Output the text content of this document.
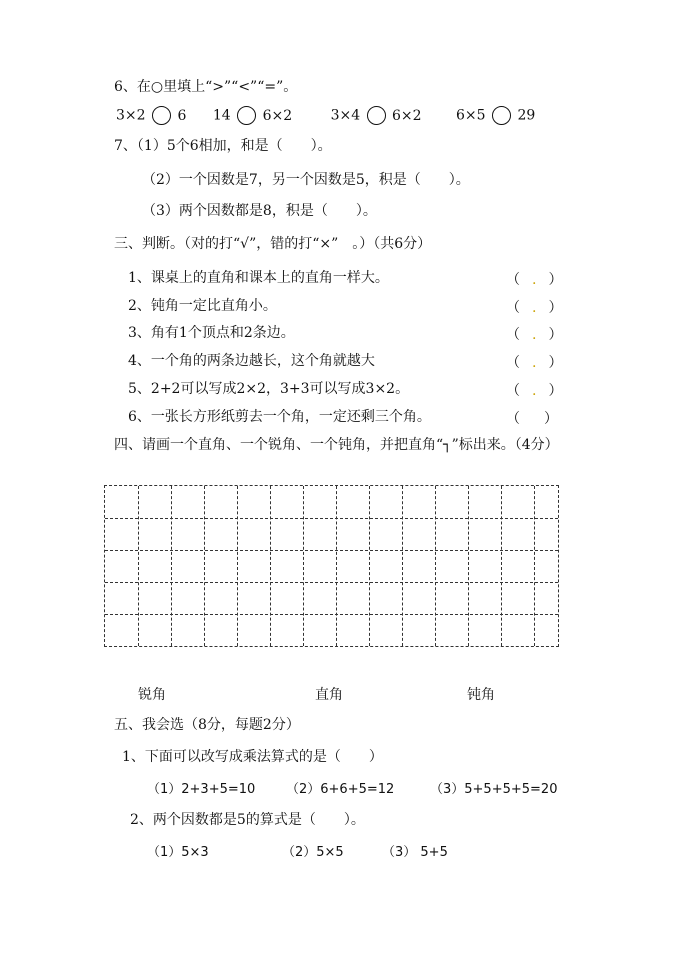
6、在○里填上“>”“<”“=”。
3×2 6 14 6×2	3×4 6×2 6×5 29
7、（1）5个6相加，和是（　　）。
（2）一个因数是7，另一个因数是5，积是（　　）。
（3）两个因数都是8，积是（　　）。
三、判断。（对的打“√”，错的打“×”　。）（共6分）
1、课桌上的直角和课本上的直角一样大。	（ . ）
2、钝角一定比直角小。	（ . ）
3、角有1个顶点和2条边。	（ . ）
4、一个角的两条边越长，这个角就越大	（ . ）
5、2+2可以写成2×2，3+3可以写成3×2。	（ . ）
6、一张长方形纸剪去一个角，一定还剩三个角。	（ ）
四、请画一个直角、一个锐角、一个钝角，并把直角“┐”标出来。（4分）
锐角	直角	钝角
五、我会选（8分，每题2分）
1、下面可以改写成乘法算式的是（　　）
（1）2+3+5=10 （2）6+6+5=12	（3）5+5+5+5=20
2、两个因数都是5的算式是（　　）。
（1）5×3	（2）5×5	（3） 5+5
